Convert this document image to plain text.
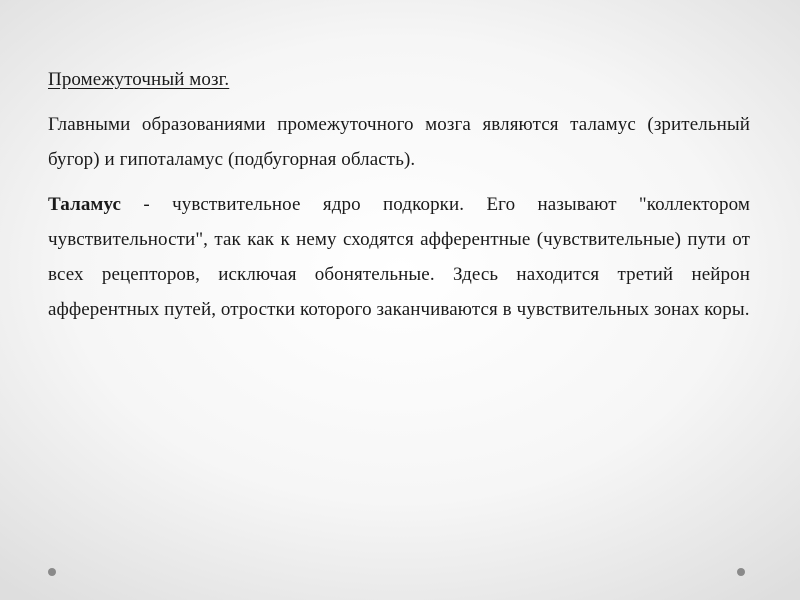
Промежуточный мозг.
Главными образованиями промежуточного мозга являются таламус (зрительный бугор) и гипоталамус (подбугорная область).
Таламус - чувствительное ядро подкорки. Его называют "коллектором чувствительности", так как к нему сходятся афферентные (чувствительные) пути от всех рецепторов, исключая обонятельные. Здесь находится третий нейрон афферентных путей, отростки которого заканчиваются в чувствительных зонах коры.
